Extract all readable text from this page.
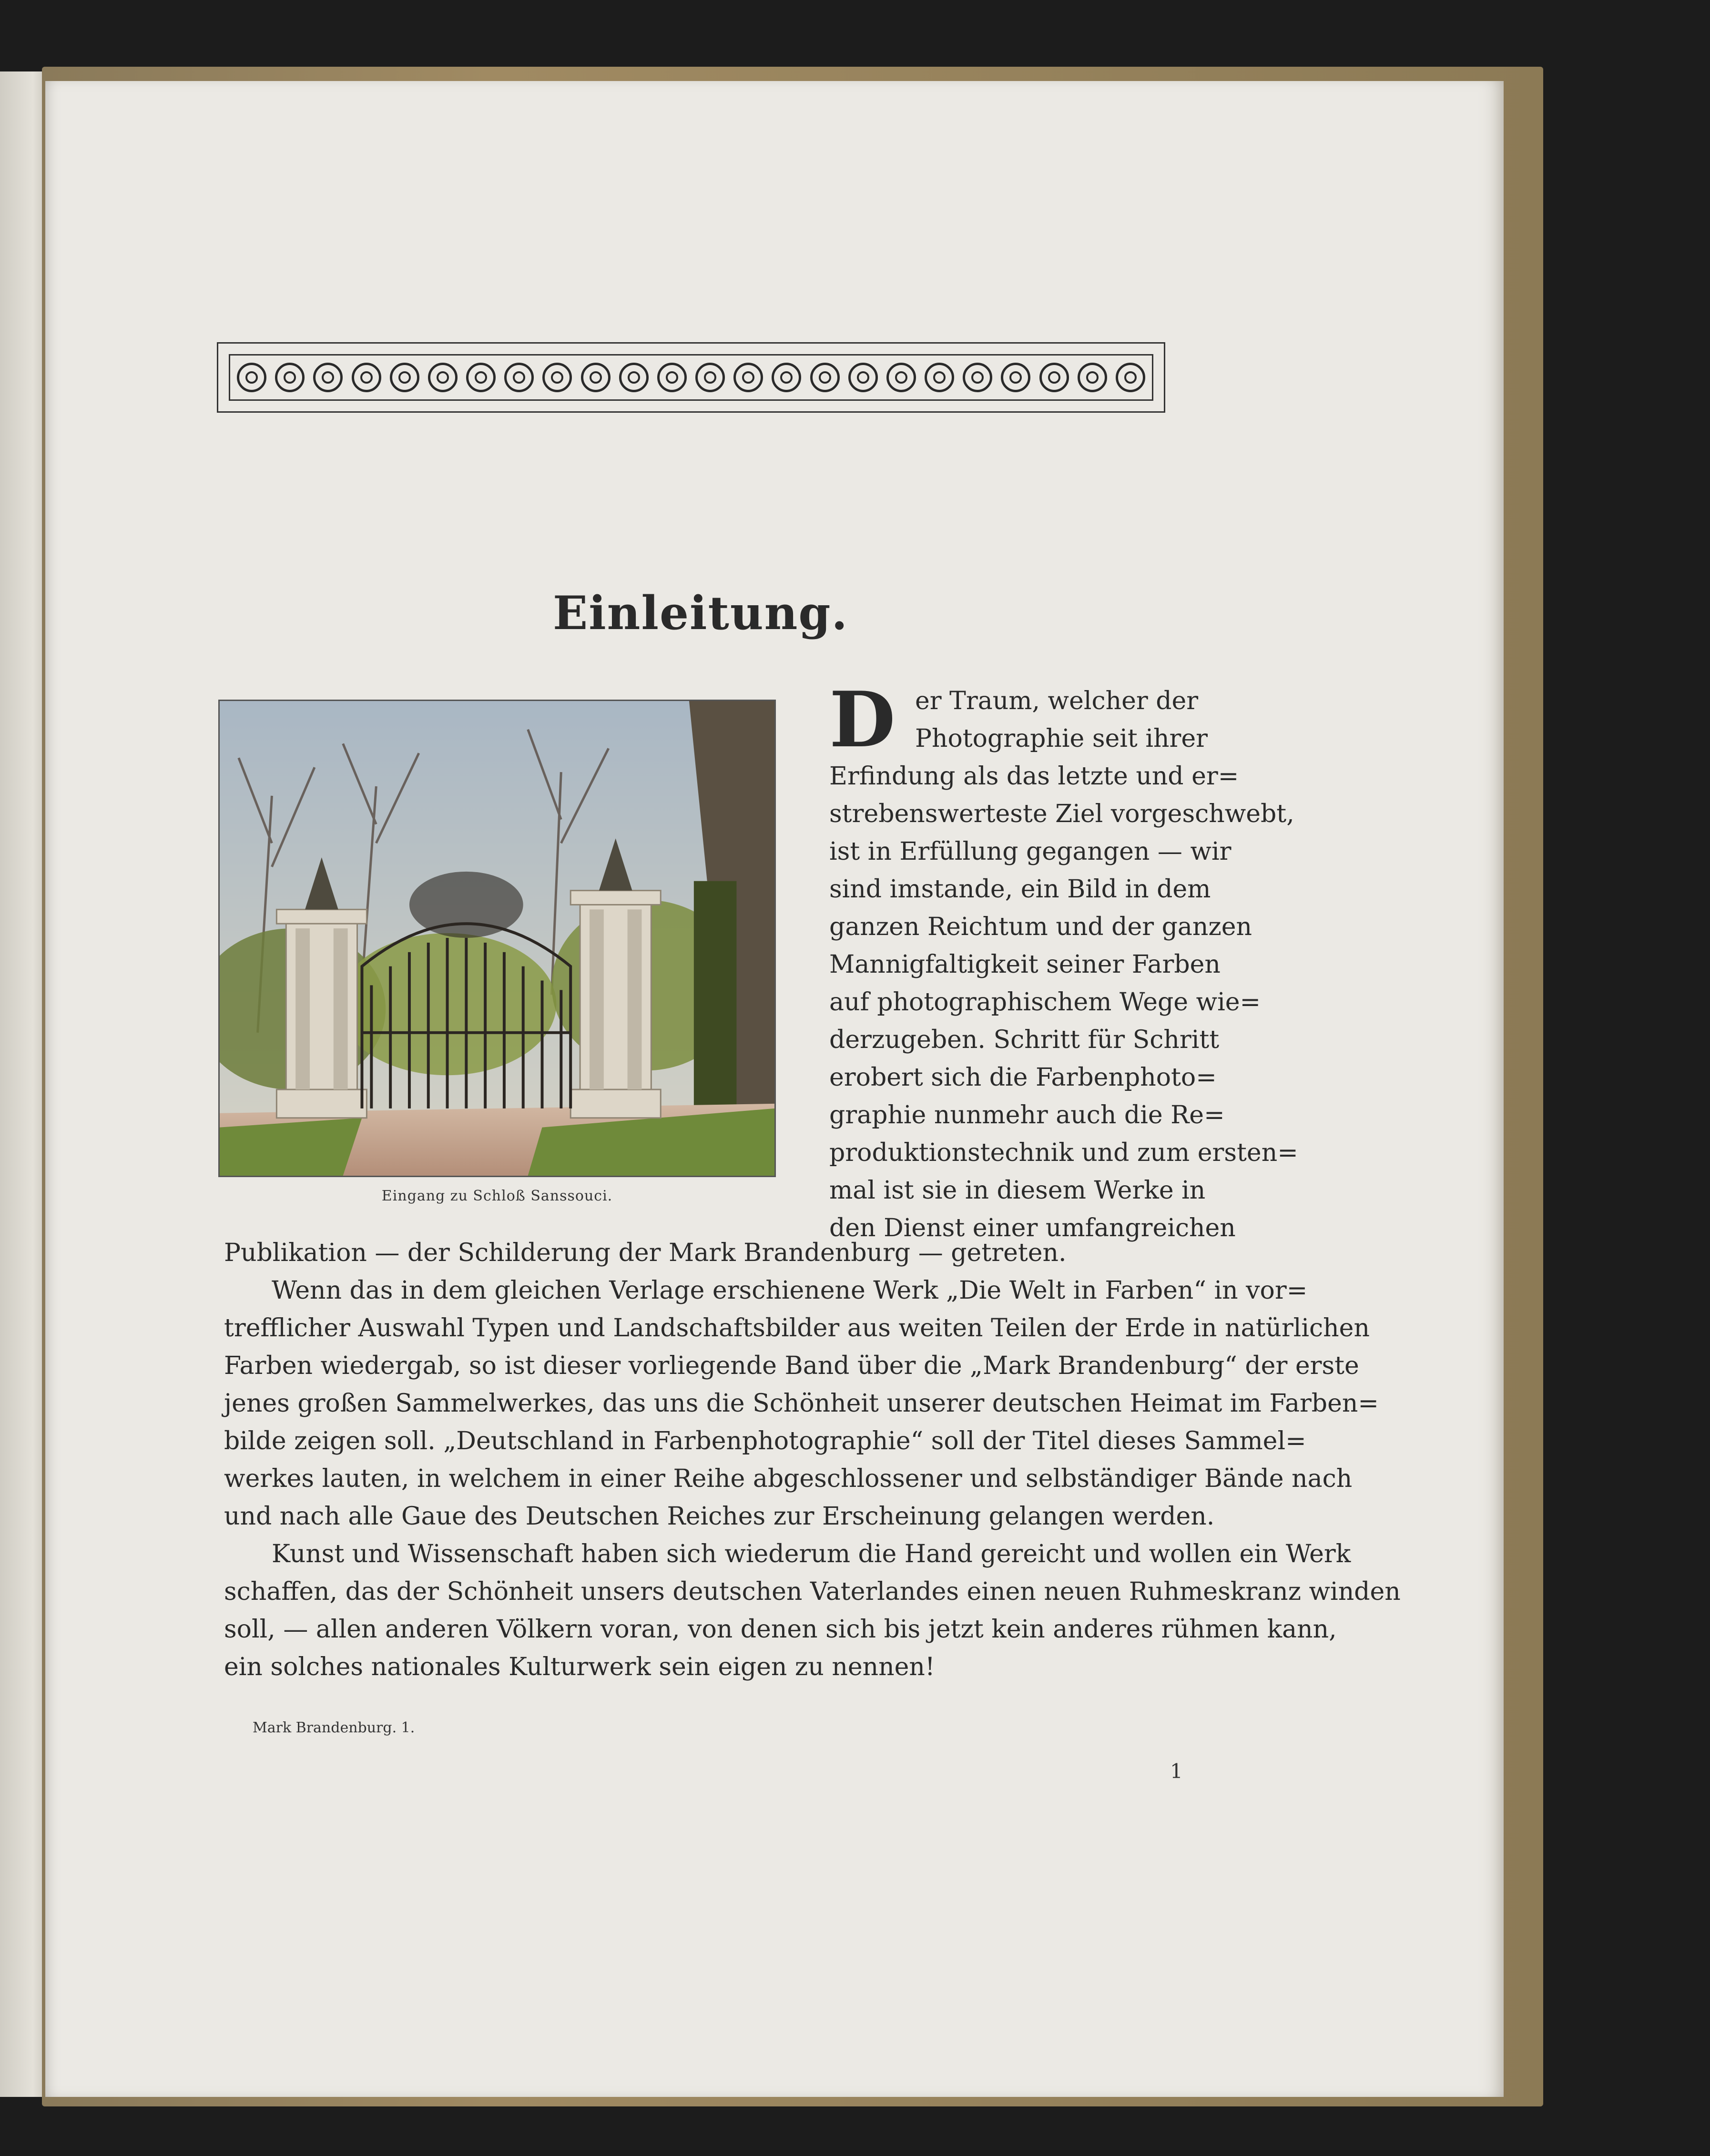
Einleitung.
Eingang zu Schloß Sanssouci.
D er Traum, welcher der
Photographie seit ihrer
Erfindung als das letzte und er=
strebenswerteste Ziel vorgeschwebt,
ist in Erfüllung gegangen — wir
sind imstande, ein Bild in dem
ganzen Reichtum und der ganzen
Mannigfaltigkeit seiner Farben
auf photographischem Wege wie=
derzugeben. Schritt für Schritt
erobert sich die Farbenphoto=
graphie nunmehr auch die Re=
produktionstechnik und zum ersten=
mal ist sie in diesem Werke in
den Dienst einer umfangreichen
Publikation — der Schilderung der Mark Brandenburg — getreten.
Wenn das in dem gleichen Verlage erschienene Werk „Die Welt in Farben“ in vor=
trefflicher Auswahl Typen und Landschaftsbilder aus weiten Teilen der Erde in natürlichen
Farben wiedergab, so ist dieser vorliegende Band über die „Mark Brandenburg“ der erste
jenes großen Sammelwerkes, das uns die Schönheit unserer deutschen Heimat im Farben=
bilde zeigen soll. „Deutschland in Farbenphotographie“ soll der Titel dieses Sammel=
werkes lauten, in welchem in einer Reihe abgeschlossener und selbständiger Bände nach
und nach alle Gaue des Deutschen Reiches zur Erscheinung gelangen werden.
Kunst und Wissenschaft haben sich wiederum die Hand gereicht und wollen ein Werk
schaffen, das der Schönheit unsers deutschen Vaterlandes einen neuen Ruhmeskranz winden
soll, — allen anderen Völkern voran, von denen sich bis jetzt kein anderes rühmen kann,
ein solches nationales Kulturwerk sein eigen zu nennen!
Mark Brandenburg. 1.
1
